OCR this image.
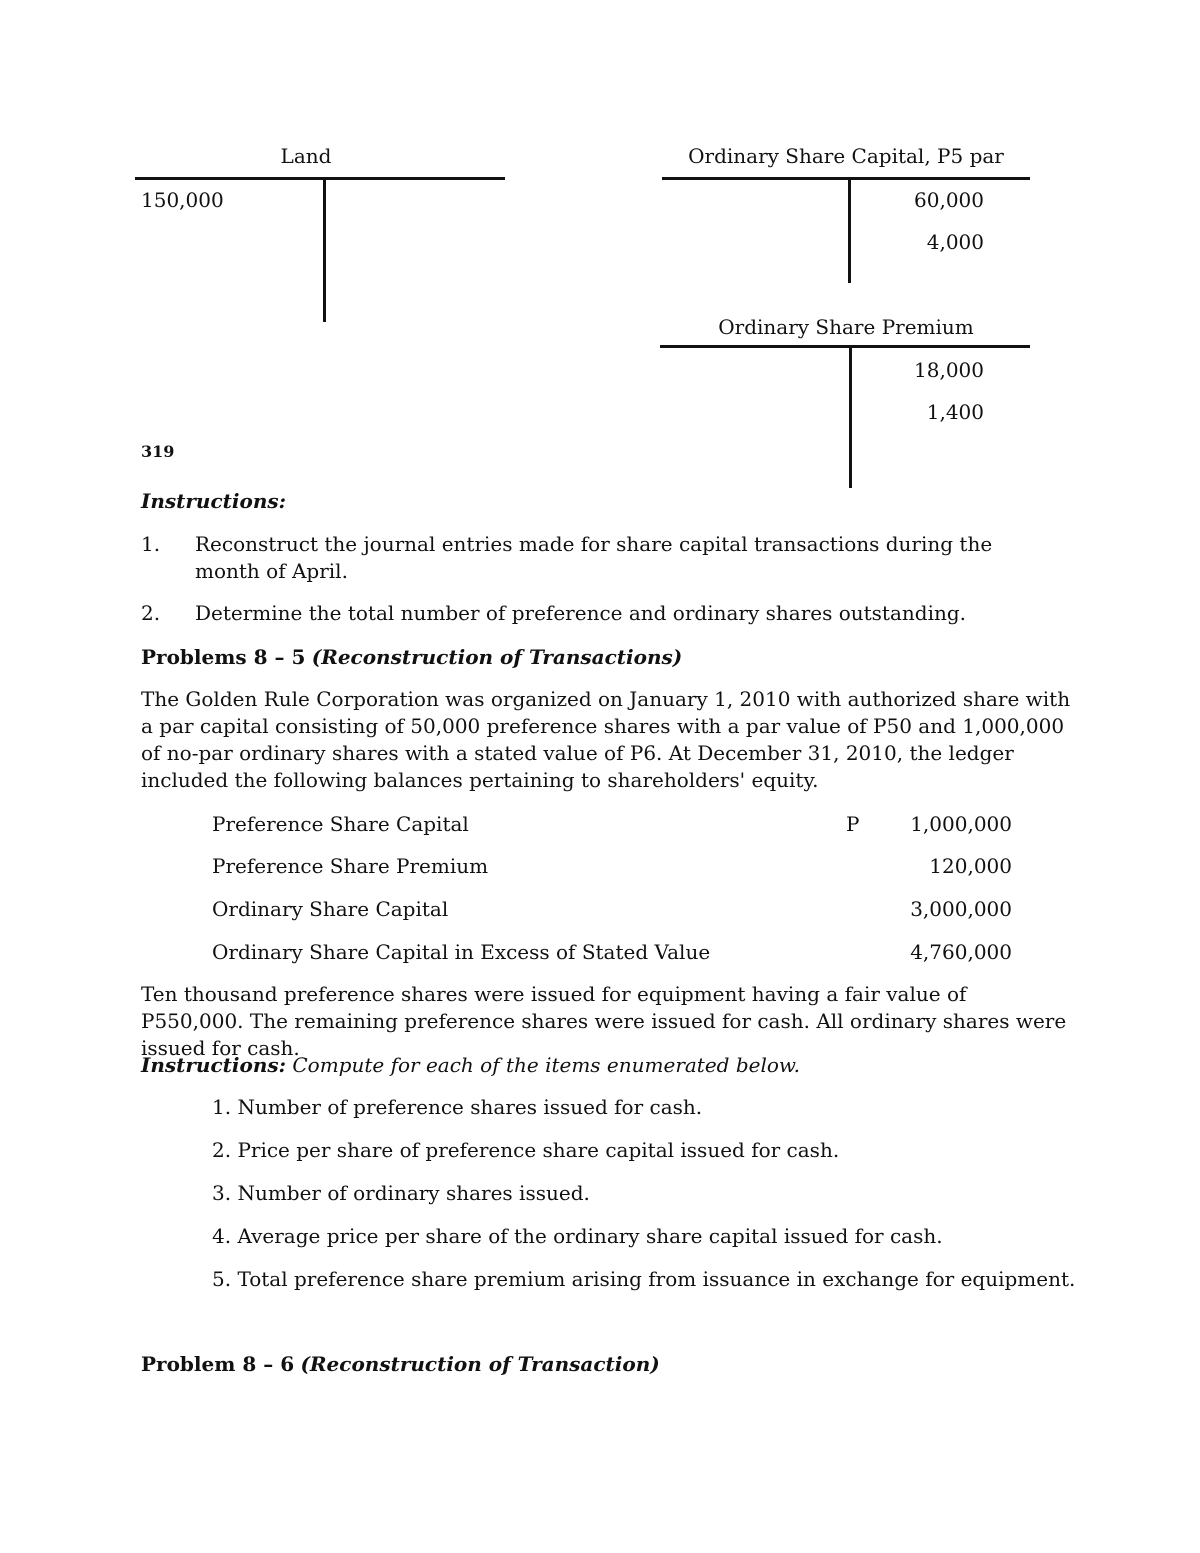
Land
150,000
Ordinary Share Capital, P5 par
60,000
4,000
Ordinary Share Premium
18,000
1,400
319
Instructions:
1. Reconstruct the journal entries made for share capital transactions during the month of April.
2. Determine the total number of preference and ordinary shares outstanding.
Problems 8 – 5 (Reconstruction of Transactions)
The Golden Rule Corporation was organized on January 1, 2010 with authorized share with a par capital consisting of 50,000 preference shares with a par value of P50 and 1,000,000 of no-par ordinary shares with a stated value of P6. At December 31, 2010, the ledger included the following balances pertaining to shareholders' equity.
Preference Share Capital	P	1,000,000
Preference Share Premium	120,000
Ordinary Share Capital	3,000,000
Ordinary Share Capital in Excess of Stated Value	4,760,000
Ten thousand preference shares were issued for equipment having a fair value of P550,000. The remaining preference shares were issued for cash. All ordinary shares were issued for cash.
Instructions: Compute for each of the items enumerated below.
1. Number of preference shares issued for cash.
2. Price per share of preference share capital issued for cash.
3. Number of ordinary shares issued.
4. Average price per share of the ordinary share capital issued for cash.
5. Total preference share premium arising from issuance in exchange for equipment.
Problem 8 – 6 (Reconstruction of Transaction)
